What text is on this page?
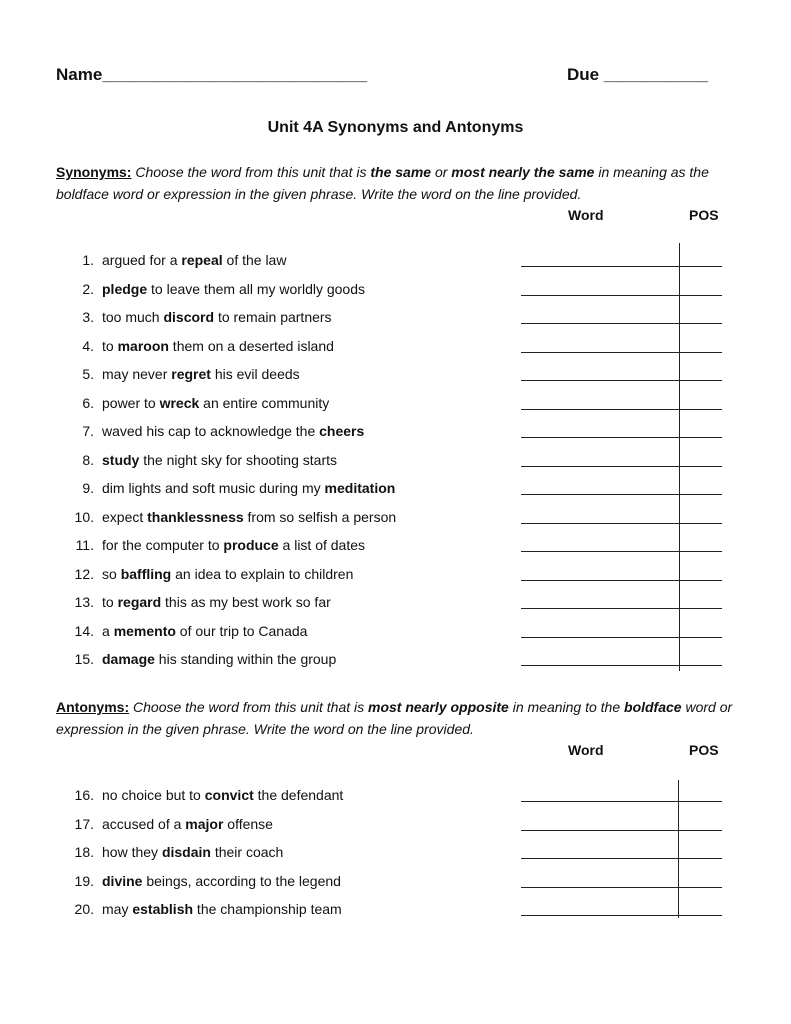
Name____________________________	Due ___________
Unit 4A Synonyms and Antonyms
Synonyms: Choose the word from this unit that is the same or most nearly the same in meaning as the boldface word or expression in the given phrase. Write the word on the line provided.
Word	POS
1. argued for a repeal of the law
2. pledge to leave them all my worldly goods
3. too much discord to remain partners
4. to maroon them on a deserted island
5. may never regret his evil deeds
6. power to wreck an entire community
7. waved his cap to acknowledge the cheers
8. study the night sky for shooting starts
9. dim lights and soft music during my meditation
10. expect thanklessness from so selfish a person
11. for the computer to produce a list of dates
12. so baffling an idea to explain to children
13. to regard this as my best work so far
14. a memento of our trip to Canada
15. damage his standing within the group
Antonyms: Choose the word from this unit that is most nearly opposite in meaning to the boldface word or expression in the given phrase. Write the word on the line provided.
Word	POS
16. no choice but to convict the defendant
17. accused of a major offense
18. how they disdain their coach
19. divine beings, according to the legend
20. may establish the championship team
